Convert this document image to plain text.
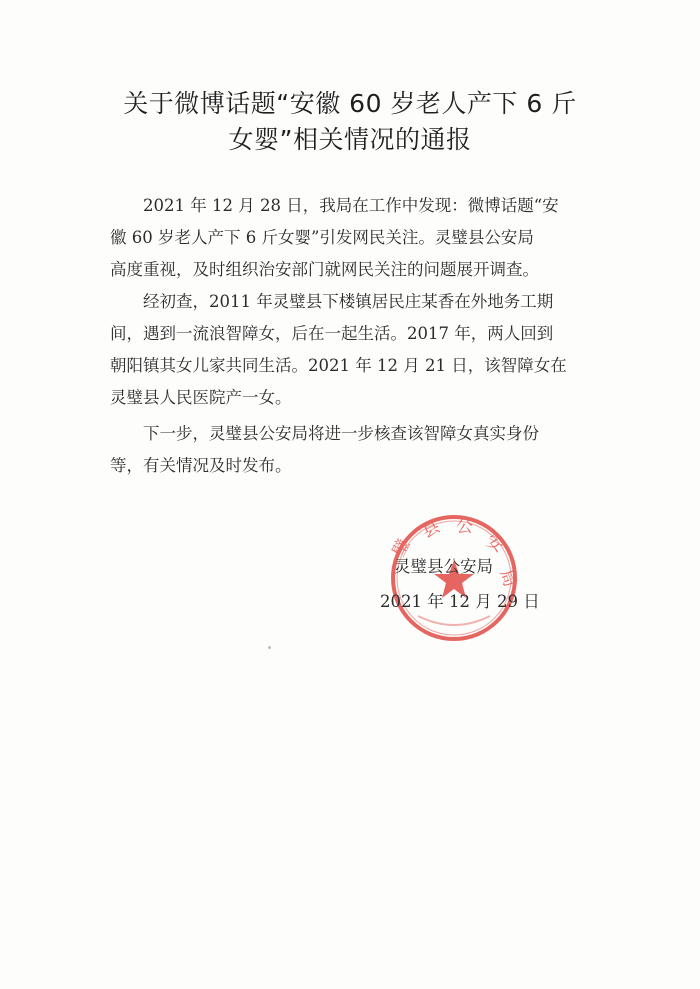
关于微博话题“安徽 60 岁老人产下 6 斤
女婴”相关情况的通报
2021 年 12 月 28 日，我局在工作中发现：微博话题“安
徽 60 岁老人产下 6 斤女婴”引发网民关注。灵璧县公安局
高度重视，及时组织治安部门就网民关注的问题展开调查。
经初查，2011 年灵璧县下楼镇居民庄某香在外地务工期
间，遇到一流浪智障女，后在一起生活。2017 年，两人回到
朝阳镇其女儿家共同生活。2021 年 12 月 21 日，该智障女在
灵璧县人民医院产一女。
下一步，灵璧县公安局将进一步核查该智障女真实身份
等，有关情况及时发布。
县 公
安
局
璧

灵璧县公安局

2021 年 12 月 29 日
